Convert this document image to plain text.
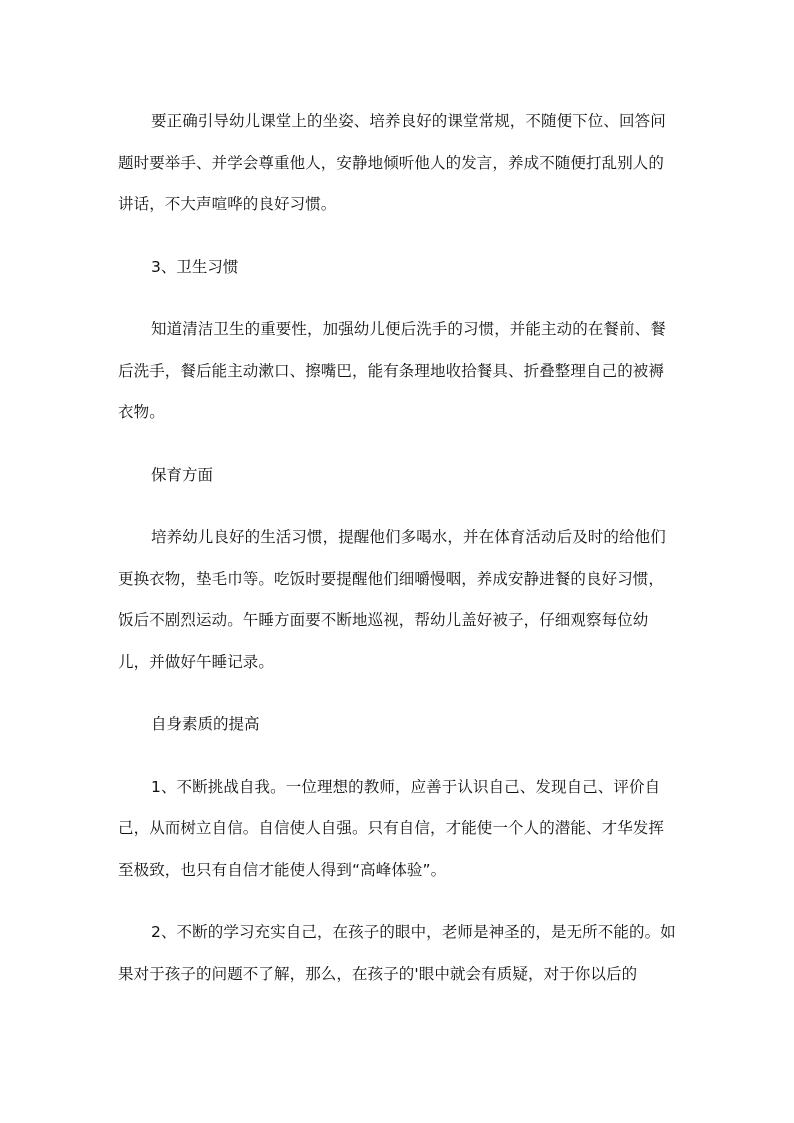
要正确引导幼儿课堂上的坐姿、培养良好的课堂常规，不随便下位、回答问题时要举手、并学会尊重他人，安静地倾听他人的发言，养成不随便打乱别人的讲话，不大声喧哗的良好习惯。

3、卫生习惯

知道清洁卫生的重要性，加强幼儿便后洗手的习惯，并能主动的在餐前、餐后洗手，餐后能主动漱口、擦嘴巴，能有条理地收拾餐具、折叠整理自己的被褥衣物。

保育方面

培养幼儿良好的生活习惯，提醒他们多喝水，并在体育活动后及时的给他们更换衣物，垫毛巾等。吃饭时要提醒他们细嚼慢咽，养成安静进餐的良好习惯，饭后不剧烈运动。午睡方面要不断地巡视，帮幼儿盖好被子，仔细观察每位幼儿，并做好午睡记录。

自身素质的提高

1、不断挑战自我。一位理想的教师，应善于认识自己、发现自己、评价自己，从而树立自信。自信使人自强。只有自信，才能使一个人的潜能、才华发挥至极致，也只有自信才能使人得到“高峰体验”。

2、不断的学习充实自己，在孩子的眼中，老师是神圣的，是无所不能的。如果对于孩子的问题不了解，那么，在孩子的'眼中就会有质疑，对于你以后的
